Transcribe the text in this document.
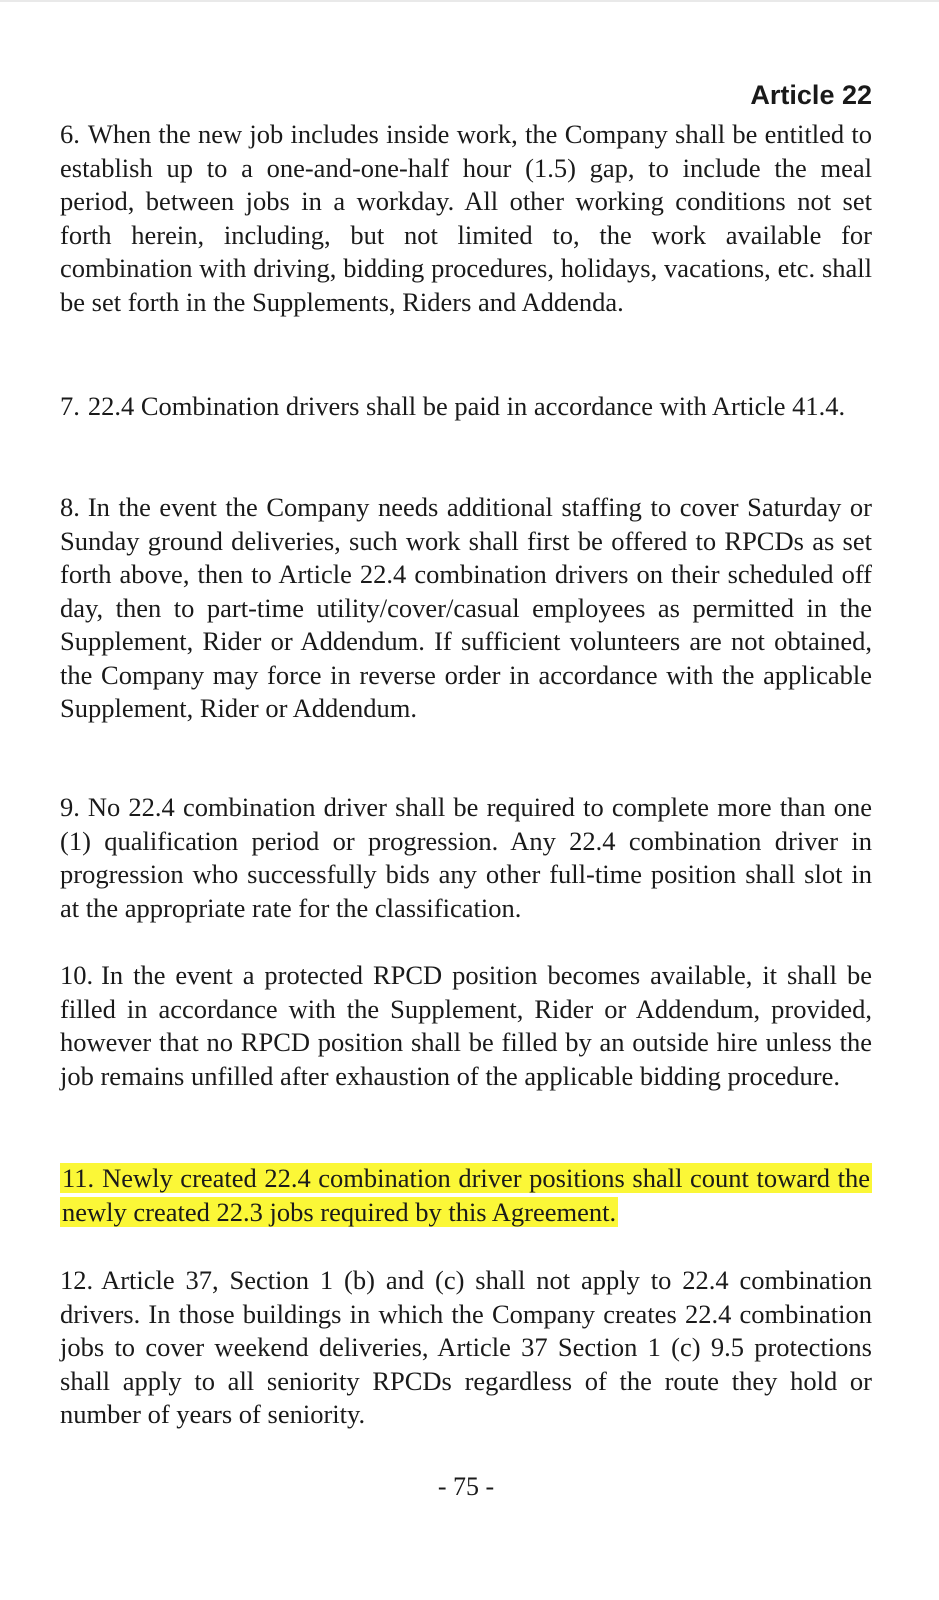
Article 22

6. When the new job includes inside work, the Company shall be entitled to establish up to a one-and-one-half hour (1.5) gap, to include the meal period, between jobs in a workday. All other working conditions not set forth herein, including, but not limited to, the work available for combination with driving, bidding procedures, holidays, vacations, etc. shall be set forth in the Supplements, Riders and Addenda.

7. 22.4 Combination drivers shall be paid in accordance with Article 41.4.

8. In the event the Company needs additional staffing to cover Saturday or Sunday ground deliveries, such work shall first be offered to RPCDs as set forth above, then to Article 22.4 combination drivers on their scheduled off day, then to part-time utility/cover/casual employees as permitted in the Supplement, Rider or Addendum. If sufficient volunteers are not obtained, the Company may force in reverse order in accordance with the applicable Supplement, Rider or Addendum.

9. No 22.4 combination driver shall be required to complete more than one (1) qualification period or progression. Any 22.4 combination driver in progression who successfully bids any other full-time position shall slot in at the appropriate rate for the classification.

10. In the event a protected RPCD position becomes available, it shall be filled in accordance with the Supplement, Rider or Addendum, provided, however that no RPCD position shall be filled by an outside hire unless the job remains unfilled after exhaustion of the applicable bidding procedure.

11. Newly created 22.4 combination driver positions shall count toward the newly created 22.3 jobs required by this Agreement.

12. Article 37, Section 1 (b) and (c) shall not apply to 22.4 combination drivers. In those buildings in which the Company creates 22.4 combination jobs to cover weekend deliveries, Article 37 Section 1 (c) 9.5 protections shall apply to all seniority RPCDs regardless of the route they hold or number of years of seniority.

- 75 -
